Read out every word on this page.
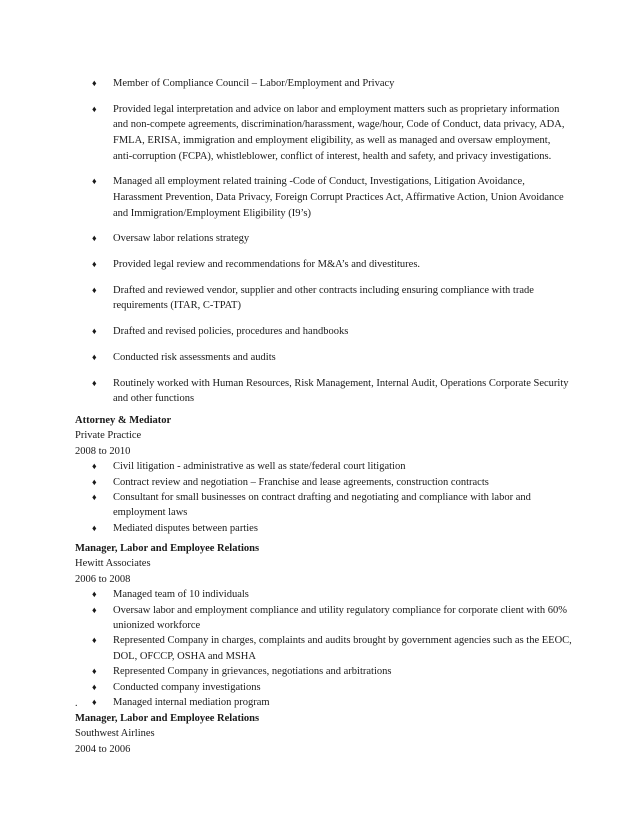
♦ Member of Compliance Council – Labor/Employment and Privacy
♦ Provided legal interpretation and advice on labor and employment matters such as proprietary information and non-compete agreements, discrimination/harassment, wage/hour, Code of Conduct, data privacy, ADA, FMLA, ERISA, immigration and employment eligibility, as well as managed and oversaw employment, anti-corruption (FCPA), whistleblower, conflict of interest, health and safety, and privacy investigations.
♦ Managed all employment related training -Code of Conduct, Investigations, Litigation Avoidance, Harassment Prevention, Data Privacy, Foreign Corrupt Practices Act, Affirmative Action, Union Avoidance and Immigration/Employment Eligibility (I9’s)
♦ Oversaw labor relations strategy
♦ Provided legal review and recommendations for M&A’s and divestitures.
♦ Drafted and reviewed vendor, supplier and other contracts including ensuring compliance with trade requirements (ITAR, C-TPAT)
♦ Drafted and revised policies, procedures and handbooks
♦ Conducted risk assessments and audits
♦ Routinely worked with Human Resources, Risk Management, Internal Audit, Operations Corporate Security and other functions
Attorney & Mediator
Private Practice
2008 to 2010
♦ Civil litigation - administrative as well as state/federal court litigation
♦ Contract review and negotiation – Franchise and lease agreements, construction contracts
♦ Consultant for small businesses on contract drafting and negotiating and compliance with labor and employment laws
♦ Mediated disputes between parties
Manager, Labor and Employee Relations
Hewitt Associates
2006 to 2008
♦ Managed team of 10 individuals
♦ Oversaw labor and employment compliance and utility regulatory compliance for corporate client with 60% unionized workforce
♦ Represented Company in charges, complaints and audits brought by government agencies such as the EEOC, DOL, OFCCP, OSHA and MSHA
♦ Represented Company in grievances, negotiations and arbitrations
♦ Conducted company investigations
♦ Managed internal mediation program
.
Manager, Labor and Employee Relations
Southwest Airlines
2004 to 2006
